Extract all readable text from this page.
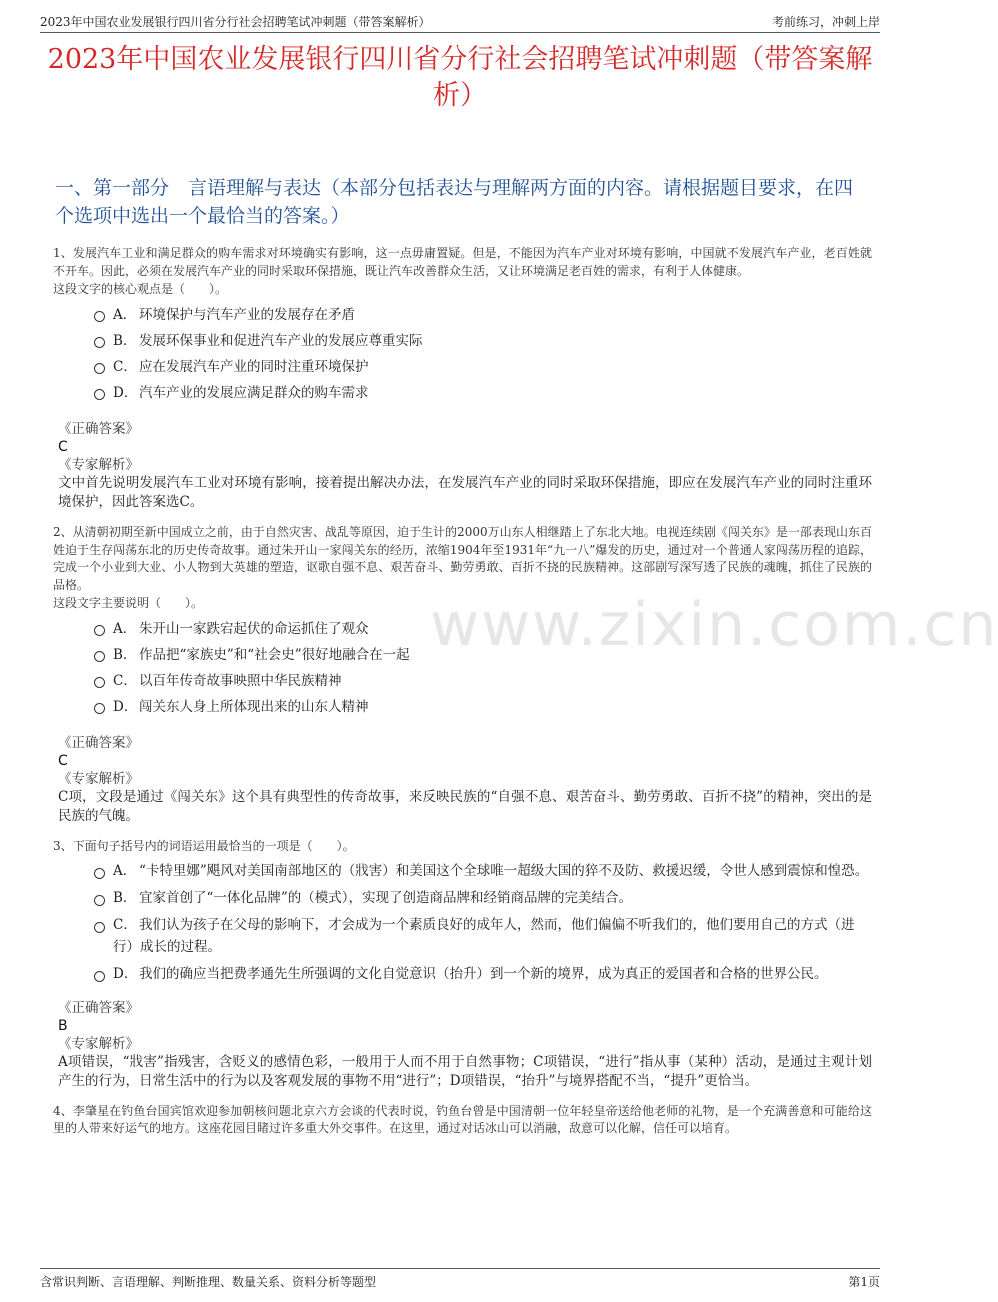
2023年中国农业发展银行四川省分行社会招聘笔试冲刺题（带答案解析）	考前练习，冲刺上岸
2023年中国农业发展银行四川省分行社会招聘笔试冲刺题（带答案解析）
一、第一部分　言语理解与表达（本部分包括表达与理解两方面的内容。请根据题目要求，在四个选项中选出一个最恰当的答案。）
www.zixin.com.cn
1、发展汽车工业和满足群众的购车需求对环境确实有影响，这一点毋庸置疑。但是，不能因为汽车产业对环境有影响，中国就不发展汽车产业，老百姓就不开车。因此，必须在发展汽车产业的同时采取环保措施，既让汽车改善群众生活，又让环境满足老百姓的需求，有利于人体健康。
这段文字的核心观点是（　　）。
A． 环境保护与汽车产业的发展存在矛盾
B． 发展环保事业和促进汽车产业的发展应尊重实际
C． 应在发展汽车产业的同时注重环境保护
D． 汽车产业的发展应满足群众的购车需求
《正确答案》
C
《专家解析》
文中首先说明发展汽车工业对环境有影响，接着提出解决办法，在发展汽车产业的同时采取环保措施，即应在发展汽车产业的同时注重环境保护，因此答案选C。
2、从清朝初期至新中国成立之前，由于自然灾害、战乱等原因，迫于生计的2000万山东人相继踏上了东北大地。电视连续剧《闯关东》是一部表现山东百姓迫于生存闯荡东北的历史传奇故事。通过朱开山一家闯关东的经历，浓缩1904年至1931年“九一八”爆发的历史，通过对一个普通人家闯荡历程的追踪，完成一个小业到大业、小人物到大英雄的塑造，讴歌自强不息、艰苦奋斗、勤劳勇敢、百折不挠的民族精神。这部剧写深写透了民族的魂魄，抓住了民族的品格。
这段文字主要说明（　　）。
A． 朱开山一家跌宕起伏的命运抓住了观众
B． 作品把“家族史”和“社会史”很好地融合在一起
C． 以百年传奇故事映照中华民族精神
D． 闯关东人身上所体现出来的山东人精神
《正确答案》
C
《专家解析》
C项，文段是通过《闯关东》这个具有典型性的传奇故事，来反映民族的“自强不息、艰苦奋斗、勤劳勇敢、百折不挠”的精神，突出的是民族的气魄。
3、下面句子括号内的词语运用最恰当的一项是（　　）。
A． “卡特里娜”飓风对美国南部地区的（戕害）和美国这个全球唯一超级大国的猝不及防、救援迟缓，令世人感到震惊和惶恐。
B． 宜家首创了“一体化品牌”的（模式），实现了创造商品牌和经销商品牌的完美结合。
C． 我们认为孩子在父母的影响下，才会成为一个素质良好的成年人，然而，他们偏偏不听我们的，他们要用自己的方式（进行）成长的过程。
D． 我们的确应当把费孝通先生所强调的文化自觉意识（抬升）到一个新的境界，成为真正的爱国者和合格的世界公民。
《正确答案》
B
《专家解析》
A项错误，“戕害”指残害，含贬义的感情色彩，一般用于人而不用于自然事物；C项错误，“进行”指从事（某种）活动，是通过主观计划产生的行为，日常生活中的行为以及客观发展的事物不用“进行”；D项错误，“抬升”与境界搭配不当，“提升”更恰当。
4、李肇星在钓鱼台国宾馆欢迎参加朝核问题北京六方会谈的代表时说，钓鱼台曾是中国清朝一位年轻皇帝送给他老师的礼物，是一个充满善意和可能给这里的人带来好运气的地方。这座花园目睹过许多重大外交事件。在这里，通过对话冰山可以消融，敌意可以化解，信任可以培育。
含常识判断、言语理解、判断推理、数量关系、资料分析等题型	第1页
